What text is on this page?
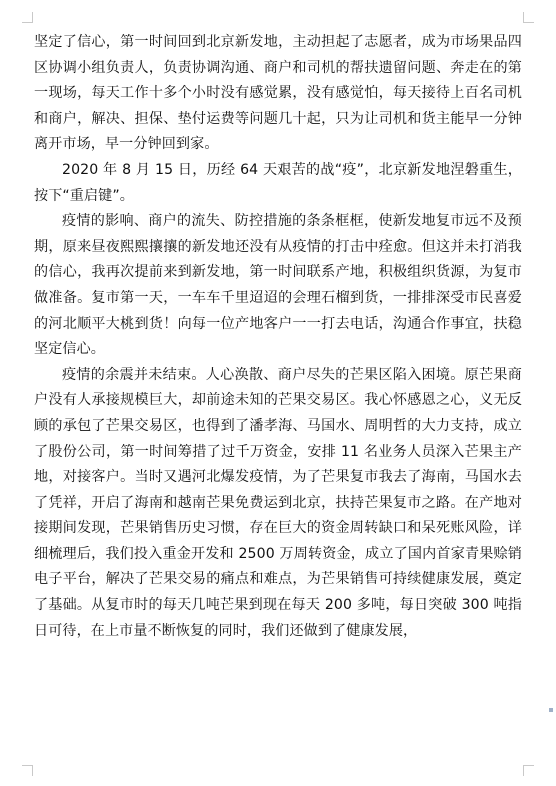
坚定了信心，第一时间回到北京新发地，主动担起了志愿者，成为市场果品四区协调小组负责人，负责协调沟通、商户和司机的帮扶遗留问题、奔走在的第一现场，每天工作十多个小时没有感觉累，没有感觉怕，每天接待上百名司机和商户，解决、担保、垫付运费等问题几十起，只为让司机和货主能早一分钟离开市场，早一分钟回到家。

2020 年 8 月 15 日，历经 64 天艰苦的战“疫”，北京新发地涅磐重生，按下“重启键”。

疫情的影响、商户的流失、防控措施的条条框框，使新发地复市远不及预期，原来昼夜熙熙攘攘的新发地还没有从疫情的打击中痊愈。但这并未打消我的信心，我再次提前来到新发地，第一时间联系产地，积极组织货源，为复市做准备。复市第一天，一车车千里迢迢的会理石榴到货，一排排深受市民喜爱的河北顺平大桃到货！向每一位产地客户一一打去电话，沟通合作事宜，扶稳坚定信心。

疫情的余震并未结束。人心涣散、商户尽失的芒果区陷入困境。原芒果商户没有人承接规模巨大，却前途未知的芒果交易区。我心怀感恩之心，义无反顾的承包了芒果交易区，也得到了潘孝海、马国水、周明哲的大力支持，成立了股份公司，第一时间筹措了过千万资金，安排 11 名业务人员深入芒果主产地，对接客户。当时又遇河北爆发疫情，为了芒果复市我去了海南，马国水去了凭祥，开启了海南和越南芒果免费运到北京，扶持芒果复市之路。在产地对接期间发现，芒果销售历史习惯，存在巨大的资金周转缺口和呆死账风险，详细梳理后，我们投入重金开发和 2500 万周转资金，成立了国内首家青果赊销电子平台，解决了芒果交易的痛点和难点，为芒果销售可持续健康发展，奠定了基础。从复市时的每天几吨芒果到现在每天 200 多吨，每日突破 300 吨指日可待，在上市量不断恢复的同时，我们还做到了健康发展，
